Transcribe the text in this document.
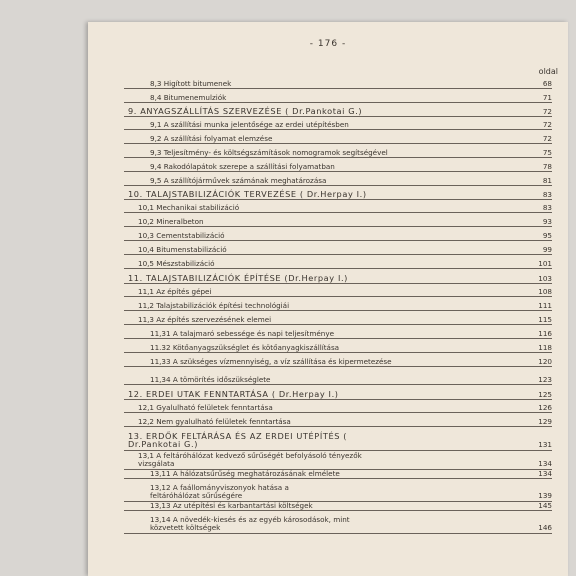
- 176 -
oldal
8,3 Higított bitumenek	68
8,4 Bitumenemulziók	71
9. ANYAGSZÁLLÍTÁS SZERVEZÉSE ( Dr.Pankotai G.)	72
9,1 A szállítási munka jelentősége az erdei utépítésben	72
9,2 A szállítási folyamat elemzése	72
9,3 Teljesítmény- és költségszámítások nomogramok segítségével	75
9,4 Rakodólapátok szerepe a szállítási folyamatban	78
9,5 A szállítójárművek számának meghatározása	81
10. TALAJSTABILIZÁCIÓK TERVEZÉSE ( Dr.Herpay I.)	83
10,1 Mechanikai stabilizáció	83
10,2 Mineralbeton	93
10,3 Cementstabilizáció	95
10,4 Bitumenstabilizáció	99
10,5 Mészstabilizáció	101
11. TALAJSTABILIZÁCIÓK ÉPÍTÉSE (Dr.Herpay I.)	103
11,1 Az építés gépei	108
11,2 Talajstabilizációk építési technológiái	111
11,3 Az építés szervezésének elemei	115
11,31 A talajmaró sebessége és napi teljesítménye	116
11.32 Kötőanyagszükséglet és kötőanyagkiszállítása	118
11,33 A szükséges vízmennyiség, a víz szállítása és kipermetezése	120
11,34 A tömörítés időszükséglete	123
12. ERDEI UTAK FENNTARTÁSA ( Dr.Herpay I.)	125
12,1 Gyalulható felületek fenntartása	126
12,2 Nem gyalulható felületek fenntartása	129
13. ERDŐK FELTÁRÁSA ÉS AZ ERDEI UTÉPÍTÉS ( Dr.Pankotai G.)	131
13,1 A feltáróhálózat kedvező sűrűségét befolyásoló tényezők vizsgálata	134
13,11 A hálózatsűrűség meghatározásának elmélete	134
13,12 A faállományviszonyok hatása a feltáróhálózat sűrűségére	139
13,13 Az utépítési és karbantartási költségek	145
13,14 A növedék-kiesés és az egyéb károsodások, mint közvetett költségek	146
